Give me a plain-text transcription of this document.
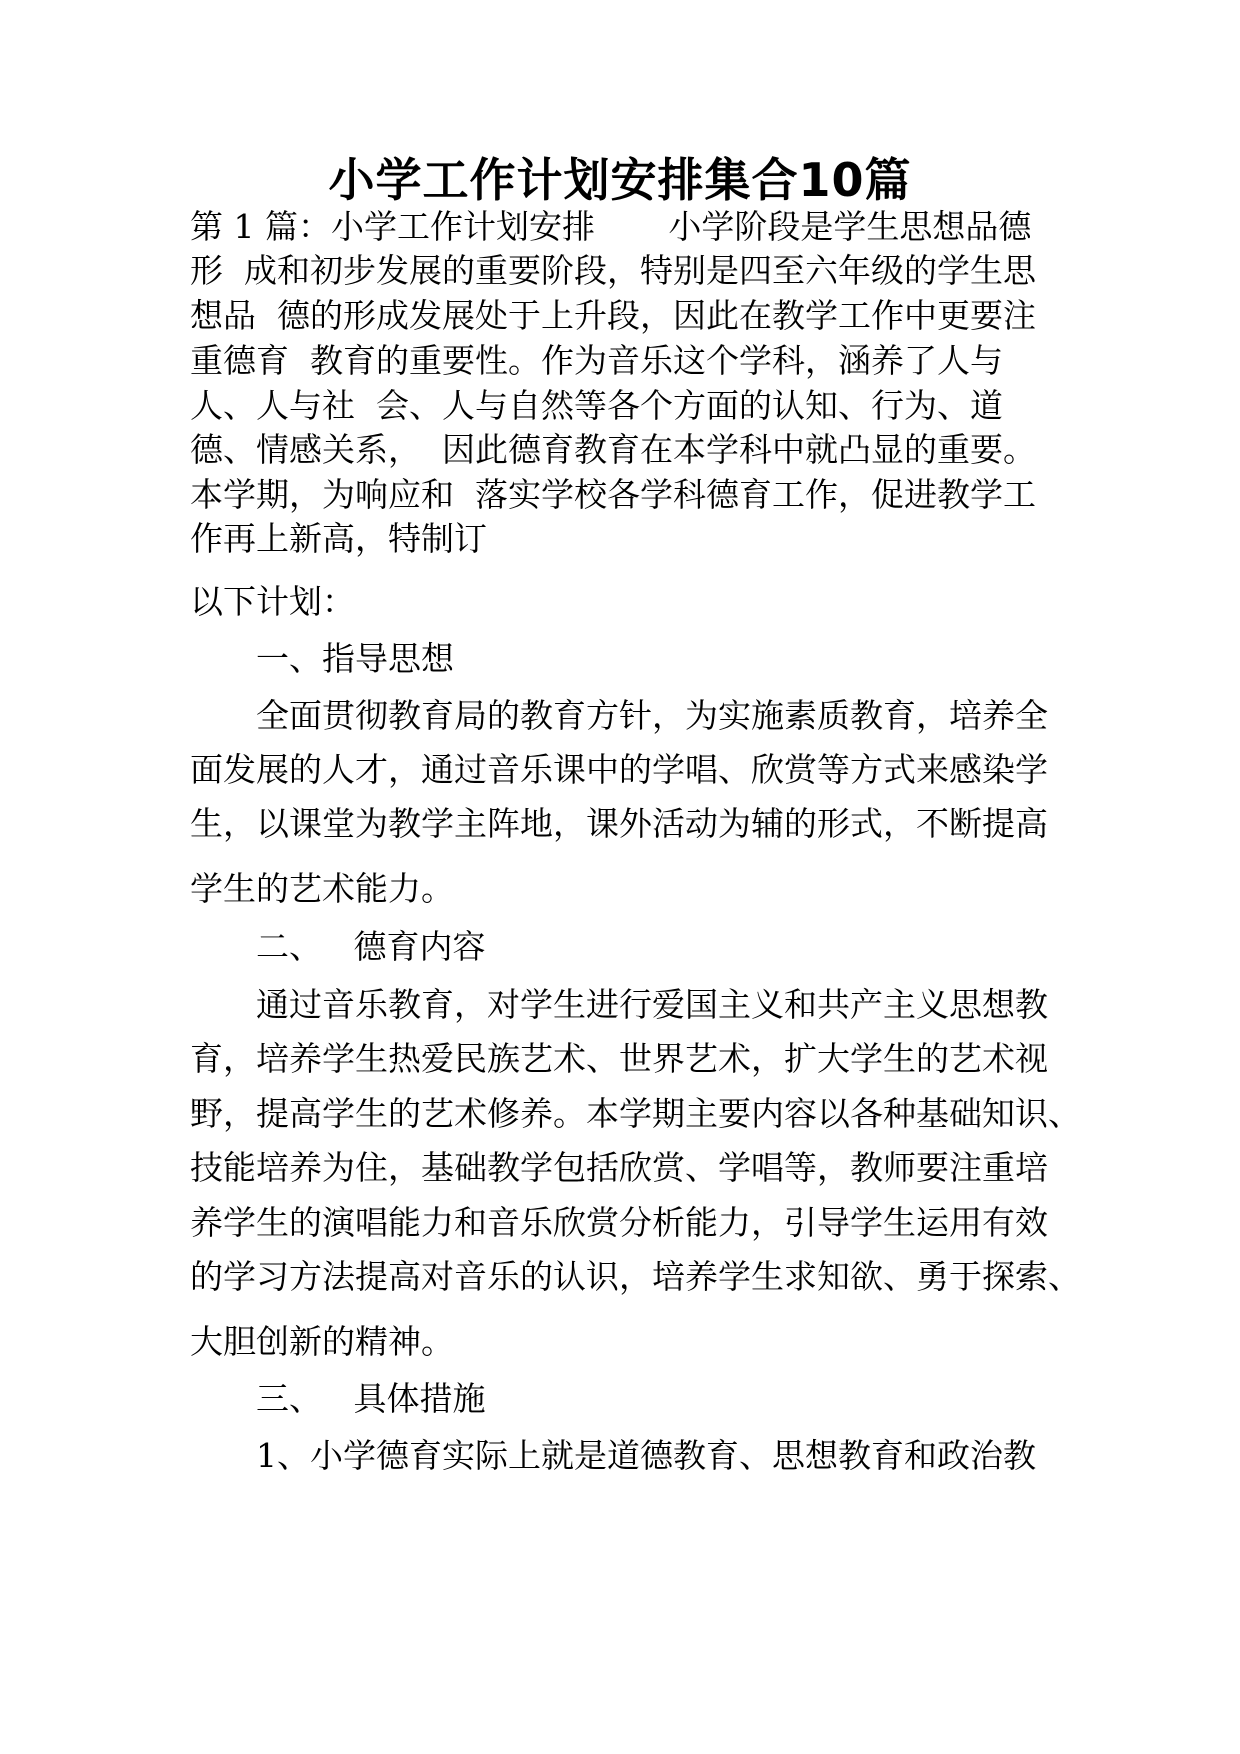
小学工作计划安排集合10篇
第 1 篇：小学工作计划安排       小学阶段是学生思想品德
形  成和初步发展的重要阶段，特别是四至六年级的学生思
想品  德的形成发展处于上升段，因此在教学工作中更要注
重德育  教育的重要性。作为音乐这个学科，涵养了人与
人、人与社  会、人与自然等各个方面的认知、行为、道
德、情感关系，  因此德育教育在本学科中就凸显的重要。
本学期，为响应和  落实学校各学科德育工作，促进教学工
作再上新高，特制订
以下计划：
一、指导思想
全面贯彻教育局的教育方针，为实施素质教育，培养全
面发展的人才，通过音乐课中的学唱、欣赏等方式来感染学
生，以课堂为教学主阵地，课外活动为辅的形式，不断提高
学生的艺术能力。
二、   德育内容
通过音乐教育，对学生进行爱国主义和共产主义思想教
育，培养学生热爱民族艺术、世界艺术，扩大学生的艺术视
野，提高学生的艺术修养。本学期主要内容以各种基础知识、
技能培养为住，基础教学包括欣赏、学唱等，教师要注重培
养学生的演唱能力和音乐欣赏分析能力，引导学生运用有效
的学习方法提高对音乐的认识，培养学生求知欲、勇于探索、
大胆创新的精神。
三、   具体措施
1、小学德育实际上就是道德教育、思想教育和政治教
